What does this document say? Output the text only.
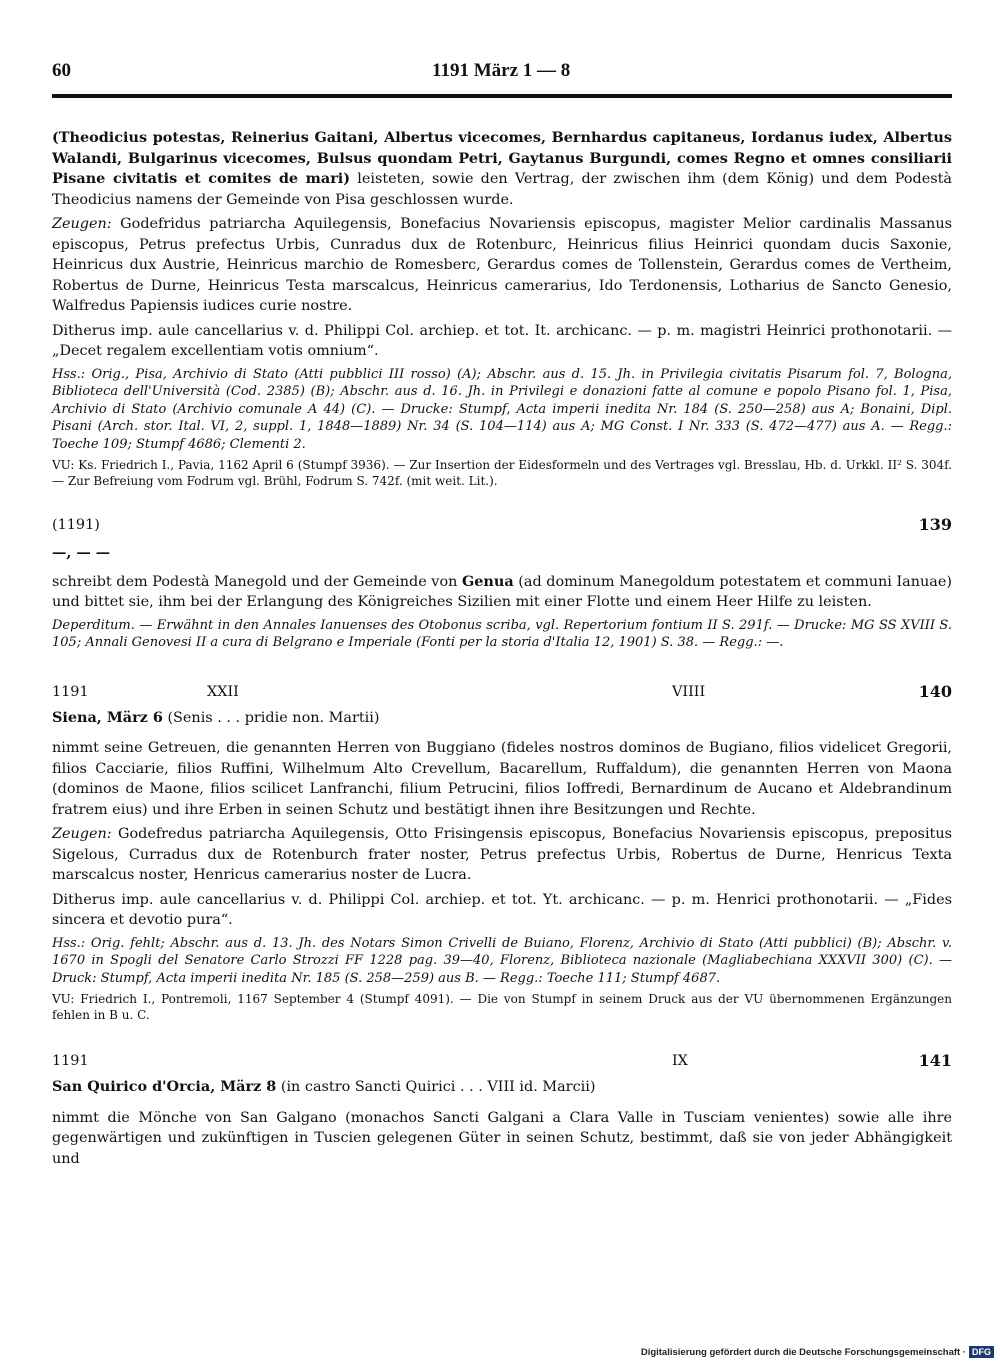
60	1191 März 1 — 8

(Theodicius potestas, Reinerius Gaitani, Albertus vicecomes, Bernhardus capitaneus, Iordanus iudex, Albertus Walandi, Bulgarinus vicecomes, Bulsus quondam Petri, Gaytanus Burgundi, comes Regno et omnes consiliarii Pisane civitatis et comites de mari) leisteten, sowie den Vertrag, der zwischen ihm (dem König) und dem Podestà Theodicius namens der Gemeinde von Pisa geschlossen wurde.

Zeugen: Godefridus patriarcha Aquilegensis, Bonefacius Novariensis episcopus, magister Melior cardinalis Massanus episcopus, Petrus prefectus Urbis, Cunradus dux de Rotenburc, Heinricus filius Heinrici quondam ducis Saxonie, Heinricus dux Austrie, Heinricus marchio de Romesberc, Gerardus comes de Tollenstein, Gerardus comes de Vertheim, Robertus de Durne, Heinricus Testa marscalcus, Heinricus camerarius, Ido Terdonensis, Lotharius de Sancto Genesio, Walfredus Papiensis iudices curie nostre.

Ditherus imp. aule cancellarius v. d. Philippi Col. archiep. et tot. It. archicanc. — p. m. magistri Heinrici prothonotarii. — „Decet regalem excellentiam votis omnium“.

Hss.: Orig., Pisa, Archivio di Stato (Atti pubblici III rosso) (A); Abschr. aus d. 15. Jh. in Privilegia civitatis Pisarum fol. 7, Bologna, Biblioteca dell'Università (Cod. 2385) (B); Abschr. aus d. 16. Jh. in Privilegi e donazioni fatte al comune e popolo Pisano fol. 1, Pisa, Archivio di Stato (Archivio comunale A 44) (C). — Drucke: Stumpf, Acta imperii inedita Nr. 184 (S. 250—258) aus A; Bonaini, Dipl. Pisani (Arch. stor. Ital. VI, 2, suppl. 1, 1848—1889) Nr. 34 (S. 104—114) aus A; MG Const. I Nr. 333 (S. 472—477) aus A. — Regg.: Toeche 109; Stumpf 4686; Clementi 2.

VU: Ks. Friedrich I., Pavia, 1162 April 6 (Stumpf 3936). — Zur Insertion der Eidesformeln und des Vertrages vgl. Bresslau, Hb. d. Urkkl. II² S. 304f. — Zur Befreiung vom Fodrum vgl. Brühl, Fodrum S. 742f. (mit weit. Lit.).

(1191)	139

—, — —

schreibt dem Podestà Manegold und der Gemeinde von Genua (ad dominum Manegoldum potestatem et communi Ianuae) und bittet sie, ihm bei der Erlangung des Königreiches Sizilien mit einer Flotte und einem Heer Hilfe zu leisten.

Deperditum. — Erwähnt in den Annales Ianuenses des Otobonus scriba, vgl. Repertorium fontium II S. 291f. — Drucke: MG SS XVIII S. 105; Annali Genovesi II a cura di Belgrano e Imperiale (Fonti per la storia d'Italia 12, 1901) S. 38. — Regg.: —.

1191	XXII	VIIII	140

Siena, März 6 (Senis . . . pridie non. Martii)

nimmt seine Getreuen, die genannten Herren von Buggiano (fideles nostros dominos de Bugiano, filios videlicet Gregorii, filios Cacciarie, filios Ruffini, Wilhelmum Alto Crevellum, Bacarellum, Ruffaldum), die genannten Herren von Maona (dominos de Maone, filios scilicet Lanfranchi, filium Petrucini, filios Ioffredi, Bernardinum de Aucano et Aldebrandinum fratrem eius) und ihre Erben in seinen Schutz und bestätigt ihnen ihre Besitzungen und Rechte.

Zeugen: Godefredus patriarcha Aquilegensis, Otto Frisingensis episcopus, Bonefacius Novariensis episcopus, prepositus Sigelous, Curradus dux de Rotenburch frater noster, Petrus prefectus Urbis, Robertus de Durne, Henricus Texta marscalcus noster, Henricus camerarius noster de Lucra.

Ditherus imp. aule cancellarius v. d. Philippi Col. archiep. et tot. Yt. archicanc. — p. m. Henrici prothonotarii. — „Fides sincera et devotio pura“.

Hss.: Orig. fehlt; Abschr. aus d. 13. Jh. des Notars Simon Crivelli de Buiano, Florenz, Archivio di Stato (Atti pubblici) (B); Abschr. v. 1670 in Spogli del Senatore Carlo Strozzi FF 1228 pag. 39—40, Florenz, Biblioteca nazionale (Magliabechiana XXXVII 300) (C). — Druck: Stumpf, Acta imperii inedita Nr. 185 (S. 258—259) aus B. — Regg.: Toeche 111; Stumpf 4687.

VU: Friedrich I., Pontremoli, 1167 September 4 (Stumpf 4091). — Die von Stumpf in seinem Druck aus der VU übernommenen Ergänzungen fehlen in B u. C.

1191	IX	141

San Quirico d'Orcia, März 8 (in castro Sancti Quirici . . . VIII id. Marcii)

nimmt die Mönche von San Galgano (monachos Sancti Galgani a Clara Valle in Tusciam venientes) sowie alle ihre gegenwärtigen und zukünftigen in Tuscien gelegenen Güter in seinen Schutz, bestimmt, daß sie von jeder Abhängigkeit und

Digitalisierung gefördert durch die Deutsche Forschungsgemeinschaft · DFG
